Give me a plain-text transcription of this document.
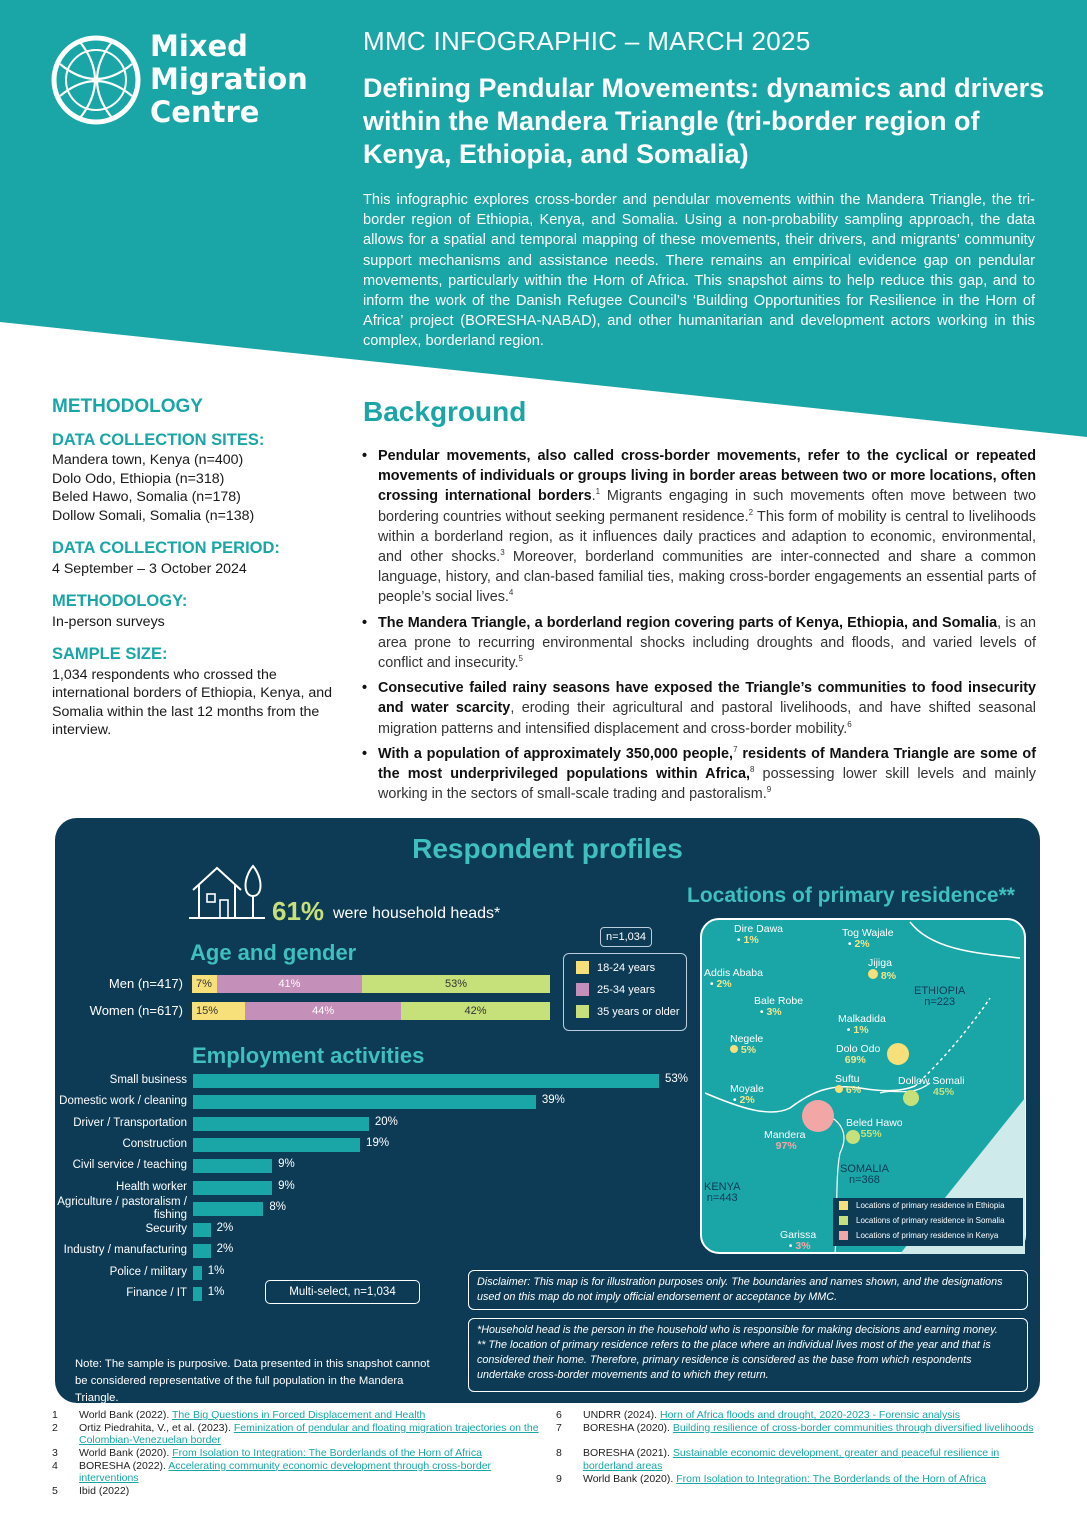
Mixed
Migration
Centre
MMC INFOGRAPHIC – MARCH 2025
Defining Pendular Movements: dynamics and drivers within the Mandera Triangle (tri-border region of Kenya, Ethiopia, and Somalia)
This infographic explores cross-border and pendular movements within the Mandera Triangle, the tri-border region of Ethiopia, Kenya, and Somalia. Using a non-probability sampling approach, the data allows for a spatial and temporal mapping of these movements, their drivers, and migrants’ community support mechanisms and assistance needs. There remains an empirical evidence gap on pendular movements, particularly within the Horn of Africa. This snapshot aims to help reduce this gap, and to inform the work of the Danish Refugee Council’s ‘Building Opportunities for Resilience in the Horn of Africa’ project (BORESHA-NABAD), and other humanitarian and development actors working in this complex, borderland region.
METHODOLOGY
DATA COLLECTION SITES:

Mandera town, Kenya (n=400)

Dolo Odo, Ethiopia (n=318)

Beled Hawo, Somalia (n=178)

Dollow Somali, Somalia (n=138)

DATA COLLECTION PERIOD:

4 September – 3 October 2024

METHODOLOGY:

In-person surveys

SAMPLE SIZE:

1,034 respondents who crossed the international borders of Ethiopia, Kenya, and Somalia within the last 12 months from the interview.

Background
• Pendular movements, also called cross-border movements, refer to the cyclical or repeated movements of individuals or groups living in border areas between two or more locations, often crossing international borders.$^1$ Migrants engaging in such movements often move between two bordering countries without seeking permanent residence.$^2$ This form of mobility is central to livelihoods within a borderland region, as it influences daily practices and adaption to economic, environmental, and other shocks.$^3$ Moreover, borderland communities are inter-connected and share a common language, history, and clan-based familial ties, making cross-border engagements an essential parts of people’s social lives.$^4$
• The Mandera Triangle, a borderland region covering parts of Kenya, Ethiopia, and Somalia, is an area prone to recurring environmental shocks including droughts and floods, and varied levels of conflict and insecurity.$^5$
• Consecutive failed rainy seasons have exposed the Triangle’s communities to food insecurity and water scarcity, eroding their agricultural and pastoral livelihoods, and have shifted seasonal migration patterns and intensified displacement and cross-border mobility.$^6$
• With a population of approximately 350,000 people,$^7$ residents of Mandera Triangle are some of the most underprivileged populations within Africa,$^8$ possessing lower skill levels and mainly working in the sectors of small-scale trading and pastoralism.$^9$
Respondent profiles
61% were household heads*
Age and gender
Men (n=417)	7%	41%	53%
Women (n=617)	15%	44%	42%
n=1,034
18-24 years
25-34 years
35 years or older
Employment activities
Small business	53%
Domestic work / cleaning	39%
Driver / Transportation	20%
Construction	19%
Civil service / teaching	9%
Health worker	9%
Agriculture / pastoralism / fishing
8%
Security	2%
Industry / manufacturing	2%
Police / military 1%
Finance / IT 1%	Multi-select, n=1,034
Note: The sample is purposive. Data presented in this snapshot cannot be considered representative of the full population in the Mandera Triangle.
Locations of primary residence**
Dire Dawa
• 1%
Tog Wajale
• 2%
Addis Ababa
• 2%
Jijiga
8%
Bale Robe
• 3%
Malkadida
• 1%
Negele
5%	Dolo Odo
69%
Moyale
• 2%
Suftu
6%
Dollow Somali
45%
Mandera
97%
Beled Hawo
55%
Garissa
• 3%
ETHIOPIA
n=223
SOMALIA
n=368
KENYA
n=443
Locations of primary residence in Ethiopia
Locations of primary residence in Somalia
Locations of primary residence in Kenya
Disclaimer: This map is for illustration purposes only. The boundaries and names shown, and the designations used on this map do not imply official endorsement or acceptance by MMC.
*Household head is the person in the household who is responsible for making decisions and earning money.
** The location of primary residence refers to the place where an individual lives most of the year and that is considered their home. Therefore, primary residence is considered as the base from which respondents undertake cross-border movements and to which they return.
1 World Bank (2022). The Big Questions in Forced Displacement and Health
2 Ortiz Piedrahita, V., et al. (2023). Feminization of pendular and floating migration trajectories on the Colombian-Venezuelan border
3 World Bank (2020). From Isolation to Integration: The Borderlands of the Horn of Africa
4 BORESHA (2022). Accelerating community economic development through cross-border interventions
5 Ibid (2022)
6 UNDRR (2024). Horn of Africa floods and drought, 2020-2023 - Forensic analysis
7 BORESHA (2020). Building resilience of cross-border communities through diversified livelihoods
8 BORESHA (2021). Sustainable economic development, greater and peaceful resilience in borderland areas
9 World Bank (2020). From Isolation to Integration: The Borderlands of the Horn of Africa
